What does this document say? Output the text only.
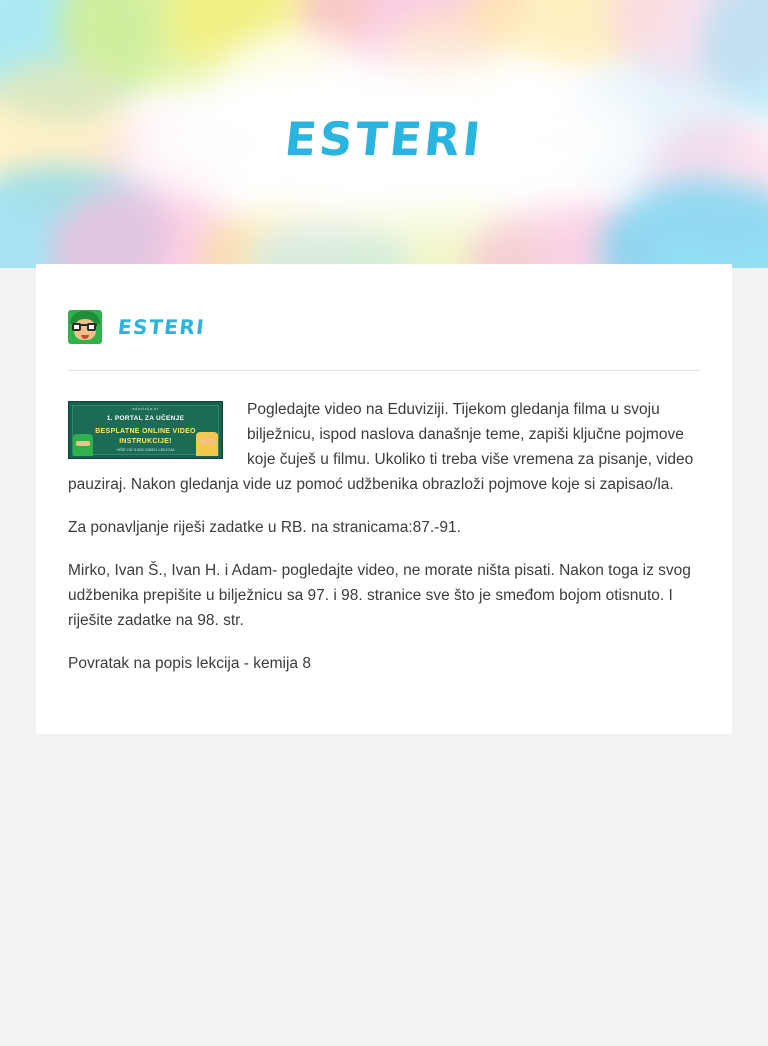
ESTERI
ESTERI
eduvizija.hr
1. PORTAL ZA UČENJE
BESPLATNE ONLINE VIDEO INSTRUKCIJE!
VIŠE OD 3 000 VIDEO LEKCIJA

Pogledajte video na Eduviziji. Tijekom gledanja filma u svoju bilježnicu, ispod naslova današnje teme, zapiši ključne pojmove koje čuješ u filmu. Ukoliko ti treba više vremena za pisanje, video pauziraj. Nakon gledanja vide uz pomoć udžbenika obrazloži pojmove koje si zapisao/la.

Za ponavljanje riješi zadatke u RB. na stranicama:87.-91.

Mirko, Ivan Š., Ivan H. i Adam- pogledajte video, ne morate ništa pisati. Nakon toga iz svog udžbenika prepišite u bilježnicu sa 97. i 98. stranice sve što je smeđom bojom otisnuto. I riješite zadatke na 98. str.

Povratak na popis lekcija - kemija 8
